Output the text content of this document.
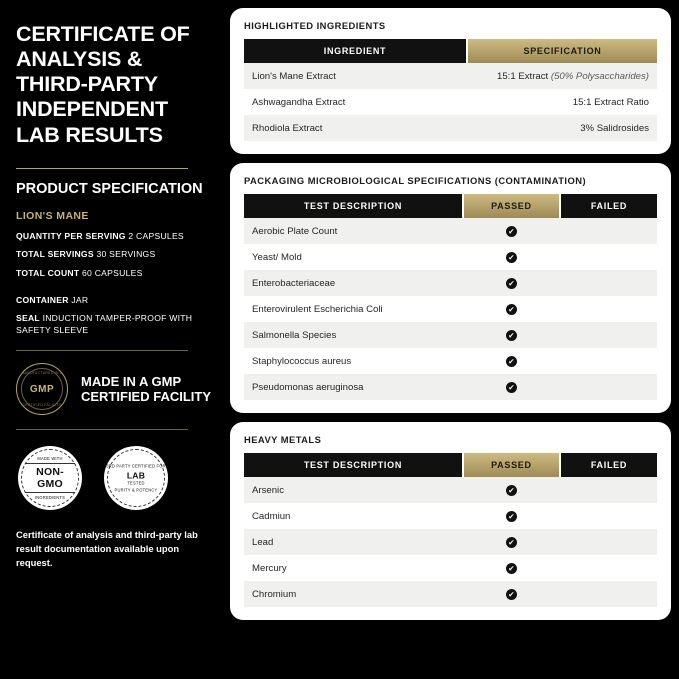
CERTIFICATE OF ANALYSIS & THIRD-PARTY INDEPENDENT LAB RESULTS
PRODUCT SPECIFICATION
LION'S MANE
QUANTITY PER SERVING 2 CAPSULES
TOTAL SERVINGS 30 SERVINGS
TOTAL COUNT 60 CAPSULES
CONTAINER JAR
SEAL INDUCTION TAMPER-PROOF WITH SAFETY SLEEVE
MANUFACTURED IN A
GMP
CERTIFIED FACILITY
MADE IN A GMP CERTIFIED FACILITY
MADE WITH
NON-GMO
INGREDIENTS
3RD PARTY CERTIFIED FOR
LAB
TESTED
PURITY & POTENCY
Certificate of analysis and third-party lab result documentation available upon request.
HIGHLIGHTED INGREDIENTS
INGREDIENT	SPECIFICATION
Lion's Mane Extract	15:1 Extract (50% Polysaccharides)
Ashwagandha Extract	15:1 Extract Ratio
Rhodiola Extract	3% Salidrosides
PACKAGING MICROBIOLOGICAL SPECIFICATIONS (CONTAMINATION)
TEST DESCRIPTION	PASSED	FAILED
Aerobic Plate Count	✔	
Yeast/ Mold	✔	
Enterobacteriaceae	✔	
Enterovirulent Escherichia Coli	✔	
Salmonella Species	✔	
Staphylococcus aureus	✔	
Pseudomonas aeruginosa	✔	
HEAVY METALS
TEST DESCRIPTION	PASSED	FAILED
Arsenic	✔	
Cadmiun	✔	
Lead	✔	
Mercury	✔	
Chromium	✔	
